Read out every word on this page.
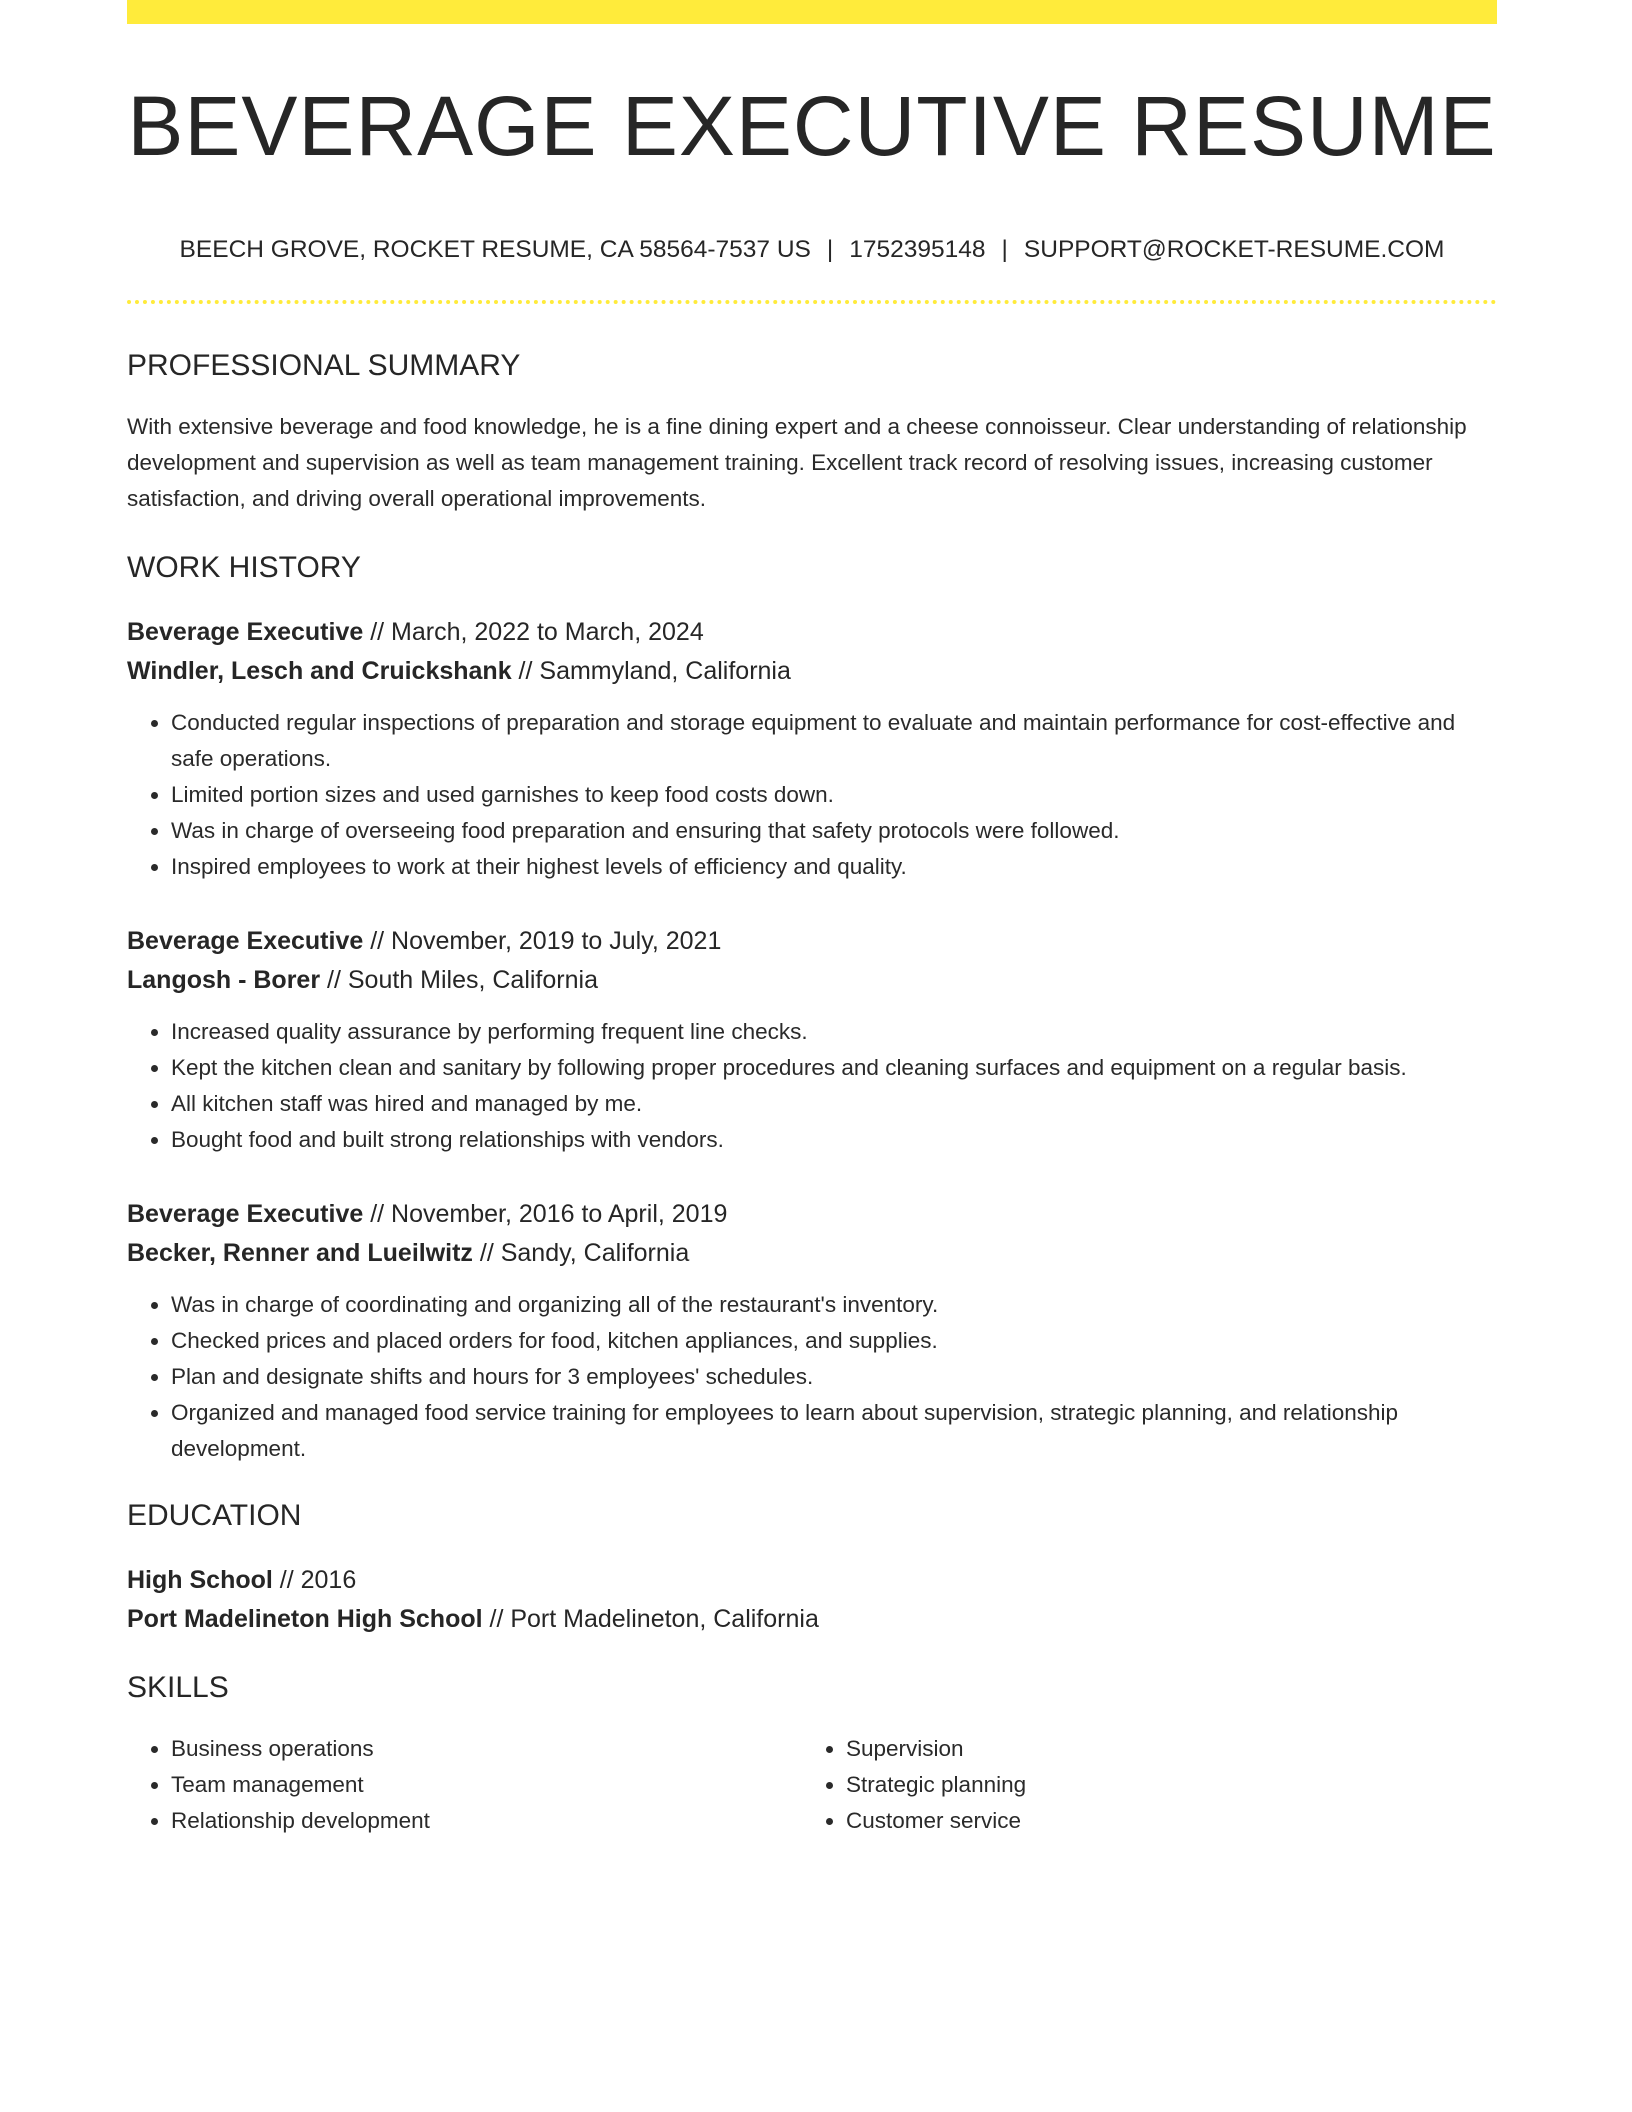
BEVERAGE EXECUTIVE RESUME
BEECH GROVE, ROCKET RESUME, CA 58564-7537 US | 1752395148 | SUPPORT@ROCKET-RESUME.COM
PROFESSIONAL SUMMARY

With extensive beverage and food knowledge, he is a fine dining expert and a cheese connoisseur. Clear understanding of relationship development and supervision as well as team management training. Excellent track record of resolving issues, increasing customer satisfaction, and driving overall operational improvements.

WORK HISTORY
Beverage Executive // March, 2022 to March, 2024
Windler, Lesch and Cruickshank // Sammyland, California
• Conducted regular inspections of preparation and storage equipment to evaluate and maintain performance for cost-effective and safe operations.
• Limited portion sizes and used garnishes to keep food costs down.
• Was in charge of overseeing food preparation and ensuring that safety protocols were followed.
• Inspired employees to work at their highest levels of efficiency and quality.
Beverage Executive // November, 2019 to July, 2021
Langosh - Borer // South Miles, California
• Increased quality assurance by performing frequent line checks.
• Kept the kitchen clean and sanitary by following proper procedures and cleaning surfaces and equipment on a regular basis.
• All kitchen staff was hired and managed by me.
• Bought food and built strong relationships with vendors.
Beverage Executive // November, 2016 to April, 2019
Becker, Renner and Lueilwitz // Sandy, California
• Was in charge of coordinating and organizing all of the restaurant's inventory.
• Checked prices and placed orders for food, kitchen appliances, and supplies.
• Plan and designate shifts and hours for 3 employees' schedules.
• Organized and managed food service training for employees to learn about supervision, strategic planning, and relationship development.
EDUCATION
High School // 2016
Port Madelineton High School // Port Madelineton, California
SKILLS
• Business operations
• Team management
• Relationship development
• Supervision
• Strategic planning
• Customer service
